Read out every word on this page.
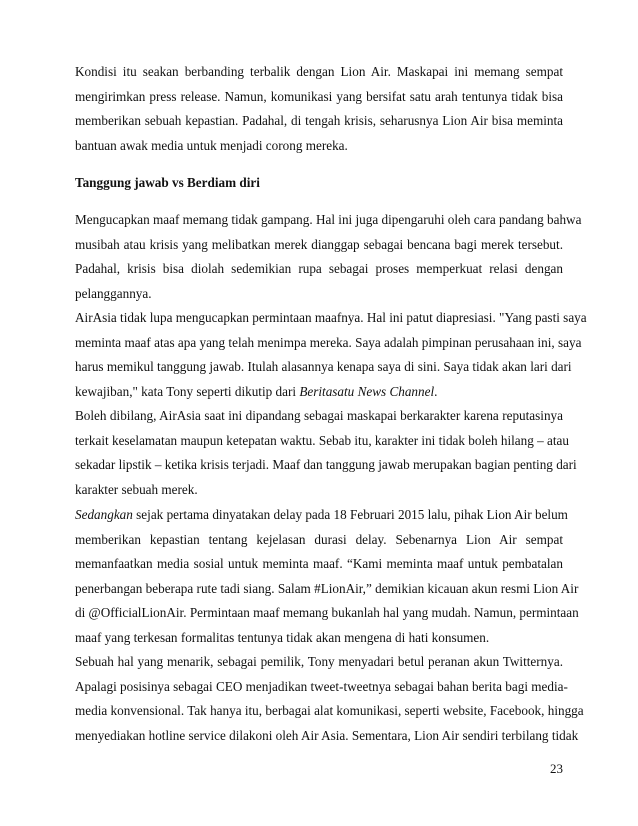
Kondisi itu seakan berbanding terbalik dengan Lion Air. Maskapai ini memang sempat
mengirimkan press release. Namun, komunikasi yang bersifat satu arah tentunya tidak bisa
memberikan sebuah kepastian. Padahal, di tengah krisis, seharusnya Lion Air bisa meminta
bantuan awak media untuk menjadi corong mereka.
Tanggung jawab vs Berdiam diri
Mengucapkan maaf memang tidak gampang. Hal ini juga dipengaruhi oleh cara pandang bahwa
musibah atau krisis yang melibatkan merek dianggap sebagai bencana bagi merek tersebut.
Padahal, krisis bisa diolah sedemikian rupa sebagai proses memperkuat relasi dengan
pelanggannya.
AirAsia tidak lupa mengucapkan permintaan maafnya. Hal ini patut diapresiasi. "Yang pasti saya
meminta maaf atas apa yang telah menimpa mereka. Saya adalah pimpinan perusahaan ini, saya
harus memikul tanggung jawab. Itulah alasannya kenapa saya di sini. Saya tidak akan lari dari
kewajiban," kata Tony seperti dikutip dari Beritasatu News Channel.
Boleh dibilang, AirAsia saat ini dipandang sebagai maskapai berkarakter karena reputasinya
terkait keselamatan maupun ketepatan waktu. Sebab itu, karakter ini tidak boleh hilang – atau
sekadar lipstik – ketika krisis terjadi. Maaf dan tanggung jawab merupakan bagian penting dari
karakter sebuah merek.
Sedangkan sejak pertama dinyatakan delay pada 18 Februari 2015 lalu, pihak Lion Air belum
memberikan kepastian tentang kejelasan durasi delay. Sebenarnya Lion Air sempat
memanfaatkan media sosial untuk meminta maaf. “Kami meminta maaf untuk pembatalan
penerbangan beberapa rute tadi siang. Salam #LionAir,” demikian kicauan akun resmi Lion Air
di @OfficialLionAir. Permintaan maaf memang bukanlah hal yang mudah. Namun, permintaan
maaf yang terkesan formalitas tentunya tidak akan mengena di hati konsumen.
Sebuah hal yang menarik, sebagai pemilik, Tony menyadari betul peranan akun Twitternya.
Apalagi posisinya sebagai CEO menjadikan tweet-tweetnya sebagai bahan berita bagi media-
media konvensional. Tak hanya itu, berbagai alat komunikasi, seperti website, Facebook, hingga
menyediakan hotline service dilakoni oleh Air Asia. Sementara, Lion Air sendiri terbilang tidak
23
